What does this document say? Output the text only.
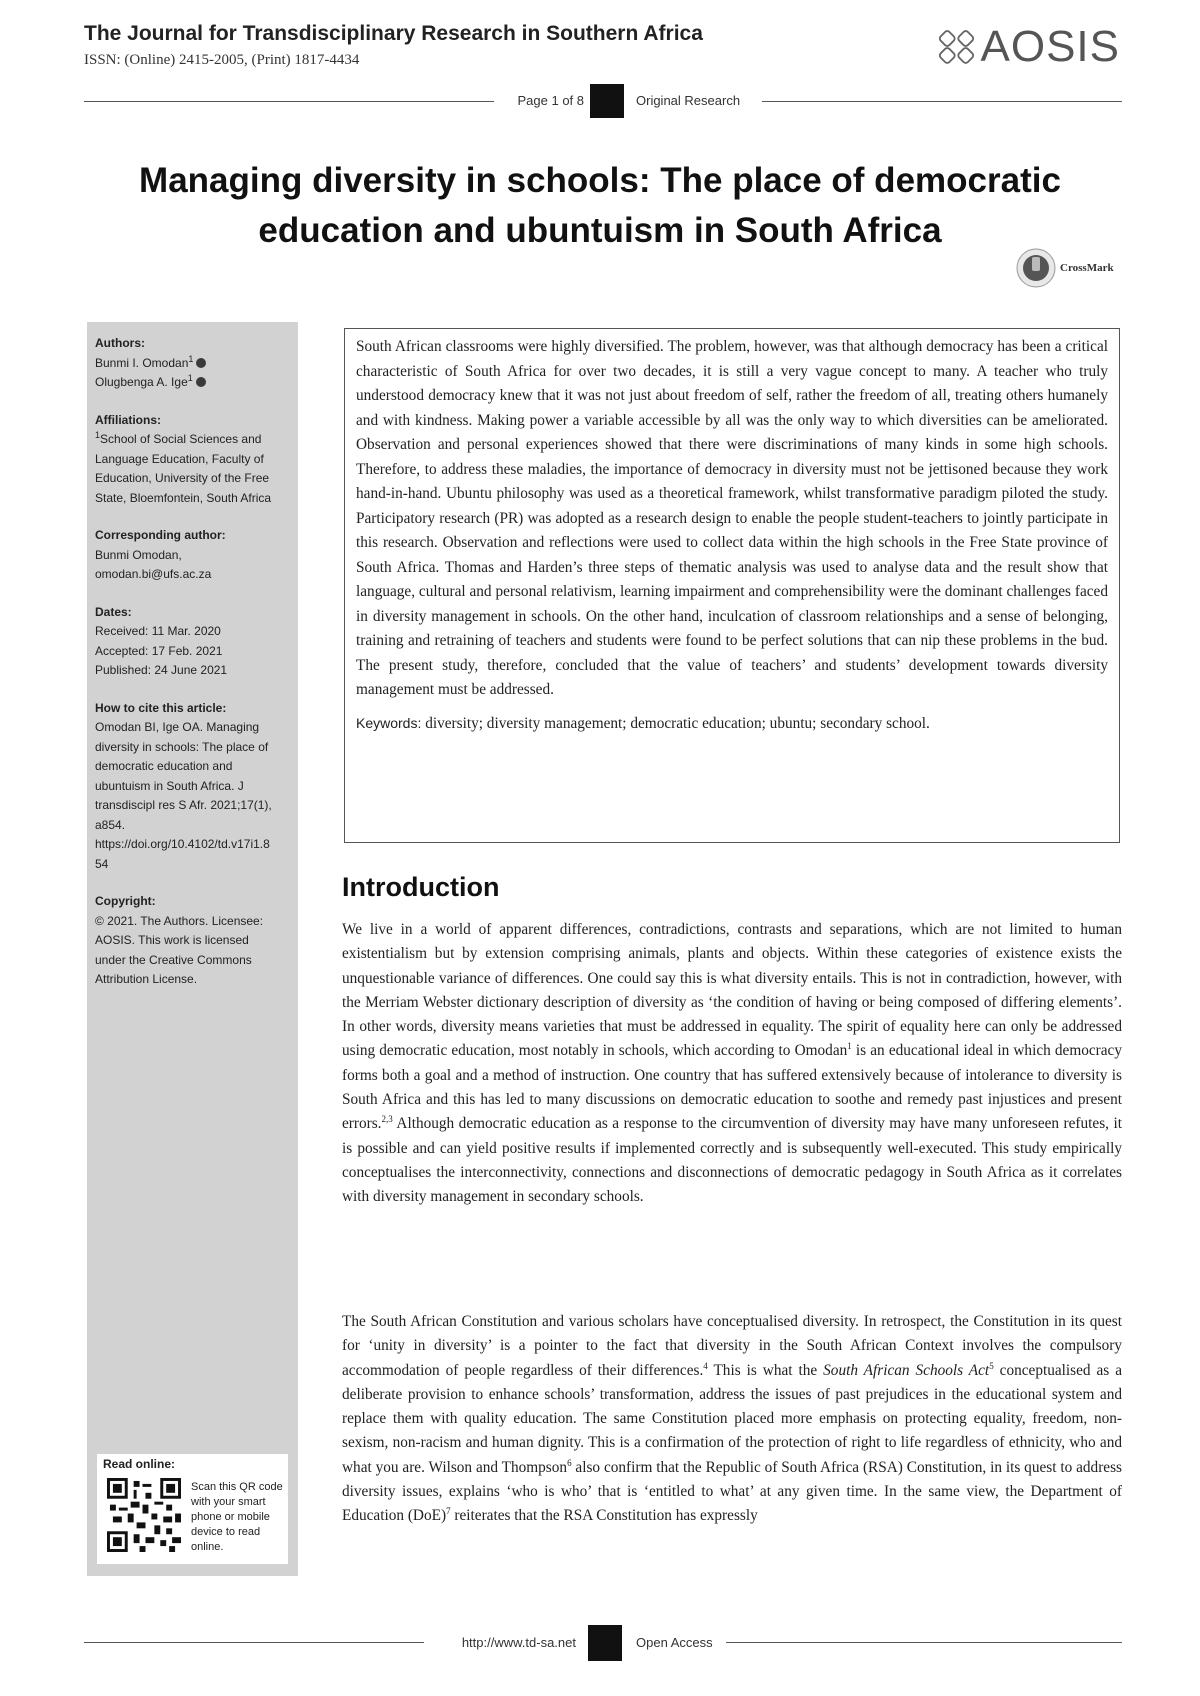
The Journal for Transdisciplinary Research in Southern Africa
ISSN: (Online) 2415-2005, (Print) 1817-4434	AOSIS
Page 1 of 8	Original Research
Managing diversity in schools: The place of democratic education and ubuntuism in South Africa
CrossMark
Authors:
Bunmi I. Omodan$^1$
Olugbenga A. Ige$^1$
Affiliations:
$^1$School of Social Sciences and Language Education, Faculty of Education, University of the Free State, Bloemfontein, South Africa
Corresponding author:
Bunmi Omodan,
omodan.bi@ufs.ac.za
Dates:
Received: 11 Mar. 2020
Accepted: 17 Feb. 2021
Published: 24 June 2021
How to cite this article:
Omodan BI, Ige OA. Managing diversity in schools: The place of democratic education and ubuntuism in South Africa. J transdiscipl res S Afr. 2021;17(1), a854. https://doi.org/10.4102/td.v17i1.854
Copyright:
© 2021. The Authors. Licensee: AOSIS. This work is licensed under the Creative Commons Attribution License.
Read online:
Scan this QR code with your smart phone or mobile device to read online.

South African classrooms were highly diversified. The problem, however, was that although democracy has been a critical characteristic of South Africa for over two decades, it is still a very vague concept to many. A teacher who truly understood democracy knew that it was not just about freedom of self, rather the freedom of all, treating others humanely and with kindness. Making power a variable accessible by all was the only way to which diversities can be ameliorated. Observation and personal experiences showed that there were discriminations of many kinds in some high schools. Therefore, to address these maladies, the importance of democracy in diversity must not be jettisoned because they work hand-in-hand. Ubuntu philosophy was used as a theoretical framework, whilst transformative paradigm piloted the study. Participatory research (PR) was adopted as a research design to enable the people student-teachers to jointly participate in this research. Observation and reflections were used to collect data within the high schools in the Free State province of South Africa. Thomas and Harden’s three steps of thematic analysis was used to analyse data and the result show that language, cultural and personal relativism, learning impairment and comprehensibility were the dominant challenges faced in diversity management in schools. On the other hand, inculcation of classroom relationships and a sense of belonging, training and retraining of teachers and students were found to be perfect solutions that can nip these problems in the bud. The present study, therefore, concluded that the value of teachers’ and students’ development towards diversity management must be addressed.

Keywords: diversity; diversity management; democratic education; ubuntu; secondary school.

Introduction

We live in a world of apparent differences, contradictions, contrasts and separations, which are not limited to human existentialism but by extension comprising animals, plants and objects. Within these categories of existence exists the unquestionable variance of differences. One could say this is what diversity entails. This is not in contradiction, however, with the Merriam Webster dictionary description of diversity as ‘the condition of having or being composed of differing elements’. In other words, diversity means varieties that must be addressed in equality. The spirit of equality here can only be addressed using democratic education, most notably in schools, which according to Omodan$^1$ is an educational ideal in which democracy forms both a goal and a method of instruction. One country that has suffered extensively because of intolerance to diversity is South Africa and this has led to many discussions on democratic education to soothe and remedy past injustices and present errors.$^{2,3}$ Although democratic education as a response to the circumvention of diversity may have many unforeseen refutes, it is possible and can yield positive results if implemented correctly and is subsequently well-executed. This study empirically conceptualises the interconnectivity, connections and disconnections of democratic pedagogy in South Africa as it correlates with diversity management in secondary schools.

The South African Constitution and various scholars have conceptualised diversity. In retrospect, the Constitution in its quest for ‘unity in diversity’ is a pointer to the fact that diversity in the South African Context involves the compulsory accommodation of people regardless of their differences.$^4$ This is what the South African Schools Act$^5$ conceptualised as a deliberate provision to enhance schools’ transformation, address the issues of past prejudices in the educational system and replace them with quality education. The same Constitution placed more emphasis on protecting equality, freedom, non-sexism, non-racism and human dignity. This is a confirmation of the protection of right to life regardless of ethnicity, who and what you are. Wilson and Thompson$^6$ also confirm that the Republic of South Africa (RSA) Constitution, in its quest to address diversity issues, explains ‘who is who’ that is ‘entitled to what’ at any given time. In the same view, the Department of Education (DoE)$^7$ reiterates that the RSA Constitution has expressly

http://www.td-sa.net	Open Access
